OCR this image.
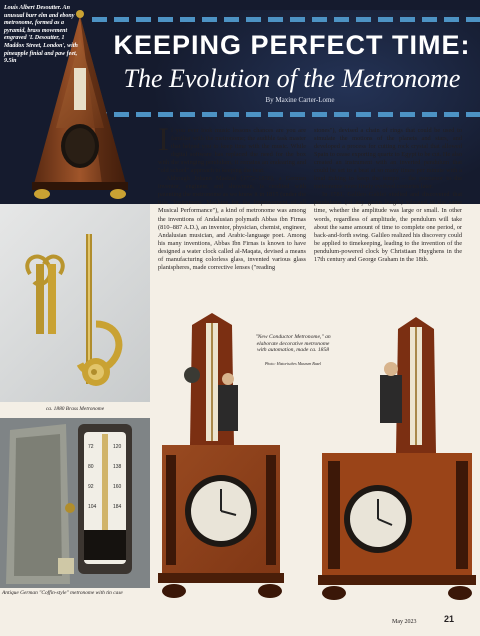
KEEPING PERFECT TIME:
The Evolution of the Metronome
By Maxine Carter-Lome
Louis Albert Desoutter. An unusual burr elm and ebony metronome, formed as a pyramid, brass movement engraved 'L Desoutter, 1 Maddox Street, London', with pineapple finial and paw feet, 9.5in
ca. 1880 Brass Metronome
72	120
80	138
92	160
104	184
Antique German "Coffin-style" metronome with tin case

If you ever took music lessons chances are you are familiar with the metronome; the audible task master that helped you to keep time with the music. While digital software has replaced the need for the box with the swinging pendulum, it remains an endearing and "old school" approach to keeping the beat.

Although Johann Maelzel (1772–1838), a German inventor, engineer, and showman, is credited with patenting the metronome as we know it in 1815 (under the title "Instrument/ Machine for the Improvement of all Musical Performance"), a kind of metronome was among the inventions of Andalusian polymath Abbas ibn Firnas (810–887 A.D.), an inventor, physician, chemist, engineer, Andalusian musician, and Arabic-language poet. Among his many inventions, Abbas Ibn Firnas is known to have designed a water clock called al-Maqata, devised a means of manufacturing colorless glass, invented various glass planispheres, made corrective lenses ("reading

stones"), devised a chain of rings that could be used to simulate the motions of the planets and stars, and developed a process for cutting rock crystal that allowed Spain to cease exporting quartz to Egypt to be cut. He also created an instrument with an inverted pendulum that could be set to a beat at so many times per minute with a loud ticking to keep the tempo – the precursor to the metronome more finely evolved centuries later.

In 1581, Galileo Galilei studied and discovered that pendulums (of any given length) vibrated in the same time, whether the amplitude was large or small. In other words, regardless of amplitude, the pendulum will take about the same amount of time to complete one period, or back-and-forth swing. Galileo realized his discovery could be applied to timekeeping, leading to the invention of the pendulum-powered clock by Christiaan Huyghens in the 17th century and George Graham in the 18th.

"New Conductor Metronome," an elaborate decorative metronome with automation, made ca. 1858
Photo: Historisches Museum Basel
May 2023	21
